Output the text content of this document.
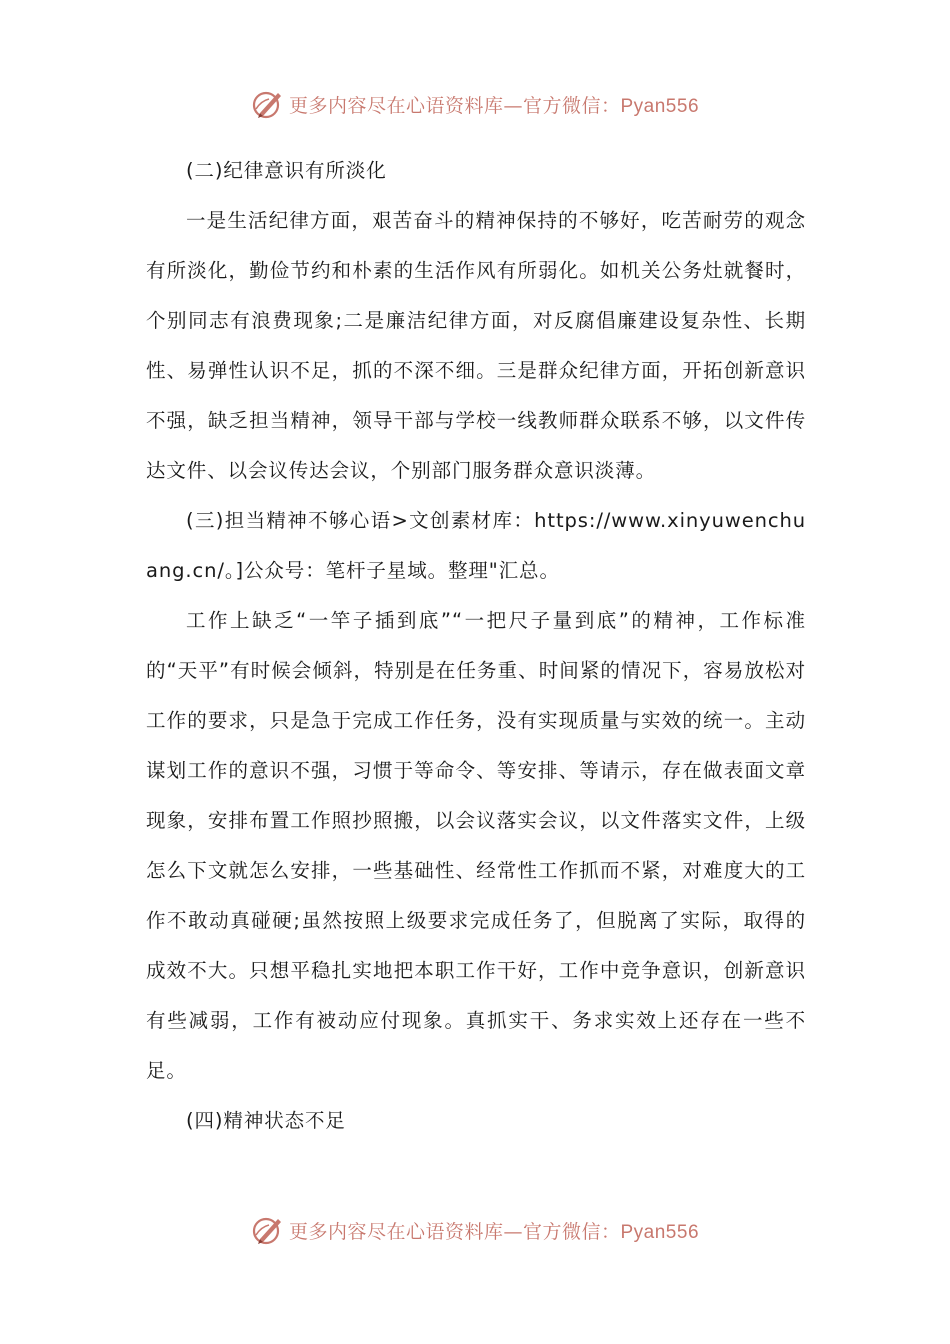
更多内容尽在心语资料库—官方微信：Pyan556

(二)纪律意识有所淡化

一是生活纪律方面，艰苦奋斗的精神保持的不够好，吃苦耐劳的观念有所淡化，勤俭节约和朴素的生活作风有所弱化。如机关公务灶就餐时，个别同志有浪费现象;二是廉洁纪律方面，对反腐倡廉建设复杂性、长期性、易弹性认识不足，抓的不深不细。三是群众纪律方面，开拓创新意识不强，缺乏担当精神，领导干部与学校一线教师群众联系不够，以文件传达文件、以会议传达会议，个别部门服务群众意识淡薄。

(三)担当精神不够心语>文创素材库：https://www.xinyuwenchuang.cn/。]公众号：笔杆子星域。整理"汇总。

工作上缺乏“一竿子插到底”“一把尺子量到底”的精神，工作标准的“天平”有时候会倾斜，特别是在任务重、时间紧的情况下，容易放松对工作的要求，只是急于完成工作任务，没有实现质量与实效的统一。主动谋划工作的意识不强，习惯于等命令、等安排、等请示，存在做表面文章现象，安排布置工作照抄照搬，以会议落实会议，以文件落实文件，上级怎么下文就怎么安排，一些基础性、经常性工作抓而不紧，对难度大的工作不敢动真碰硬;虽然按照上级要求完成任务了，但脱离了实际，取得的成效不大。只想平稳扎实地把本职工作干好，工作中竞争意识，创新意识有些减弱，工作有被动应付现象。真抓实干、务求实效上还存在一些不足。

(四)精神状态不足

更多内容尽在心语资料库—官方微信：Pyan556
